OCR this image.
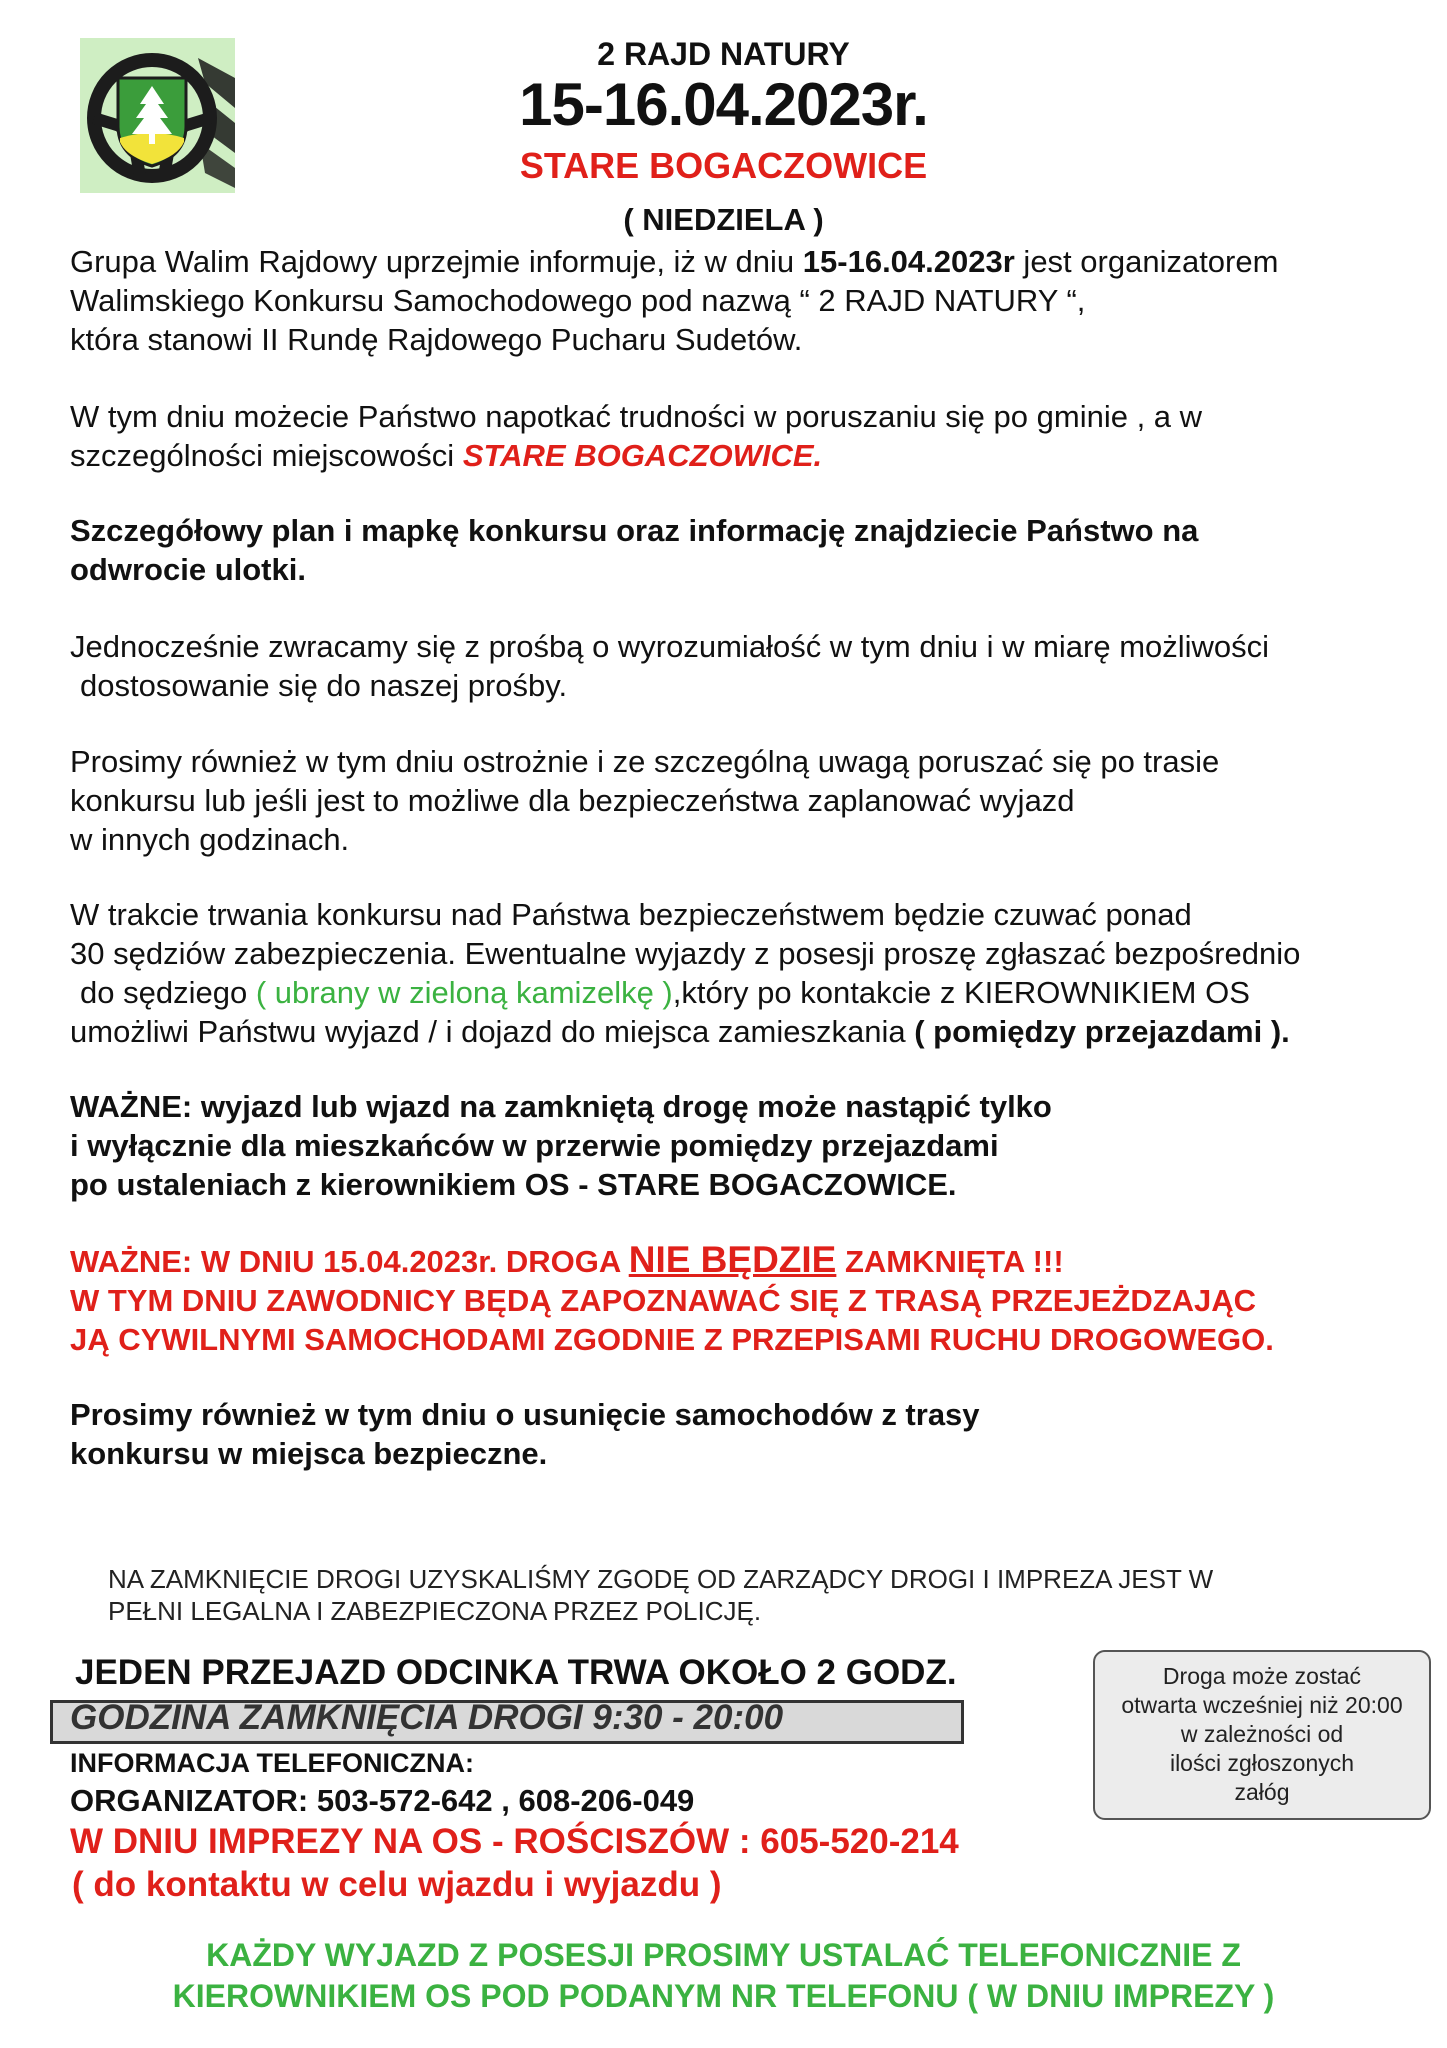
2 RAJD NATURY
15-16.04.2023r.
STARE BOGACZOWICE
( NIEDZIELA )
Grupa Walim Rajdowy uprzejmie informuje, iż w dniu 15-16.04.2023r jest organizatorem
Walimskiego Konkursu Samochodowego pod nazwą “ 2 RAJD NATURY “,
która stanowi II Rundę Rajdowego Pucharu Sudetów.
W tym dniu możecie Państwo napotkać trudności w poruszaniu się po gminie , a w
szczególności miejscowości STARE BOGACZOWICE.
Szczegółowy plan i mapkę konkursu oraz informację znajdziecie Państwo na
odwrocie ulotki.
Jednocześnie zwracamy się z prośbą o wyrozumiałość w tym dniu i w miarę możliwości
dostosowanie się do naszej prośby.
Prosimy również w tym dniu ostrożnie i ze szczególną uwagą poruszać się po trasie
konkursu lub jeśli jest to możliwe dla bezpieczeństwa zaplanować wyjazd
w innych godzinach.
W trakcie trwania konkursu nad Państwa bezpieczeństwem będzie czuwać ponad
30 sędziów zabezpieczenia. Ewentualne wyjazdy z posesji proszę zgłaszać bezpośrednio
do sędziego ( ubrany w zieloną kamizelkę ),który po kontakcie z KIEROWNIKIEM OS
umożliwi Państwu wyjazd / i dojazd do miejsca zamieszkania ( pomiędzy przejazdami ).
WAŻNE: wyjazd lub wjazd na zamkniętą drogę może nastąpić tylko
i wyłącznie dla mieszkańców w przerwie pomiędzy przejazdami
po ustaleniach z kierownikiem OS - STARE BOGACZOWICE.
WAŻNE: W DNIU 15.04.2023r. DROGA NIE BĘDZIE ZAMKNIĘTA !!!
W TYM DNIU ZAWODNICY BĘDĄ ZAPOZNAWAĆ SIĘ Z TRASĄ PRZEJEŻDZAJĄC
JĄ CYWILNYMI SAMOCHODAMI ZGODNIE Z PRZEPISAMI RUCHU DROGOWEGO.
Prosimy również w tym dniu o usunięcie samochodów z trasy
konkursu w miejsca bezpieczne.
NA ZAMKNIĘCIE DROGI UZYSKALIŚMY ZGODĘ OD ZARZĄDCY DROGI I IMPREZA JEST W
PEŁNI LEGALNA I ZABEZPIECZONA PRZEZ POLICJĘ.
JEDEN PRZEJAZD ODCINKA TRWA OKOŁO 2 GODZ.
GODZINA ZAMKNIĘCIA DROGI 9:30 - 20:00
INFORMACJA TELEFONICZNA:
ORGANIZATOR: 503-572-642 , 608-206-049
W DNIU IMPREZY NA OS - ROŚCISZÓW : 605-520-214
( do kontaktu w celu wjazdu i wyjazdu )
Droga może zostać
otwarta wcześniej niż 20:00
w zależności od
ilości zgłoszonych
załóg
KAŻDY WYJAZD Z POSESJI PROSIMY USTALAĆ TELEFONICZNIE Z
KIEROWNIKIEM OS POD PODANYM NR TELEFONU ( W DNIU IMPREZY )
